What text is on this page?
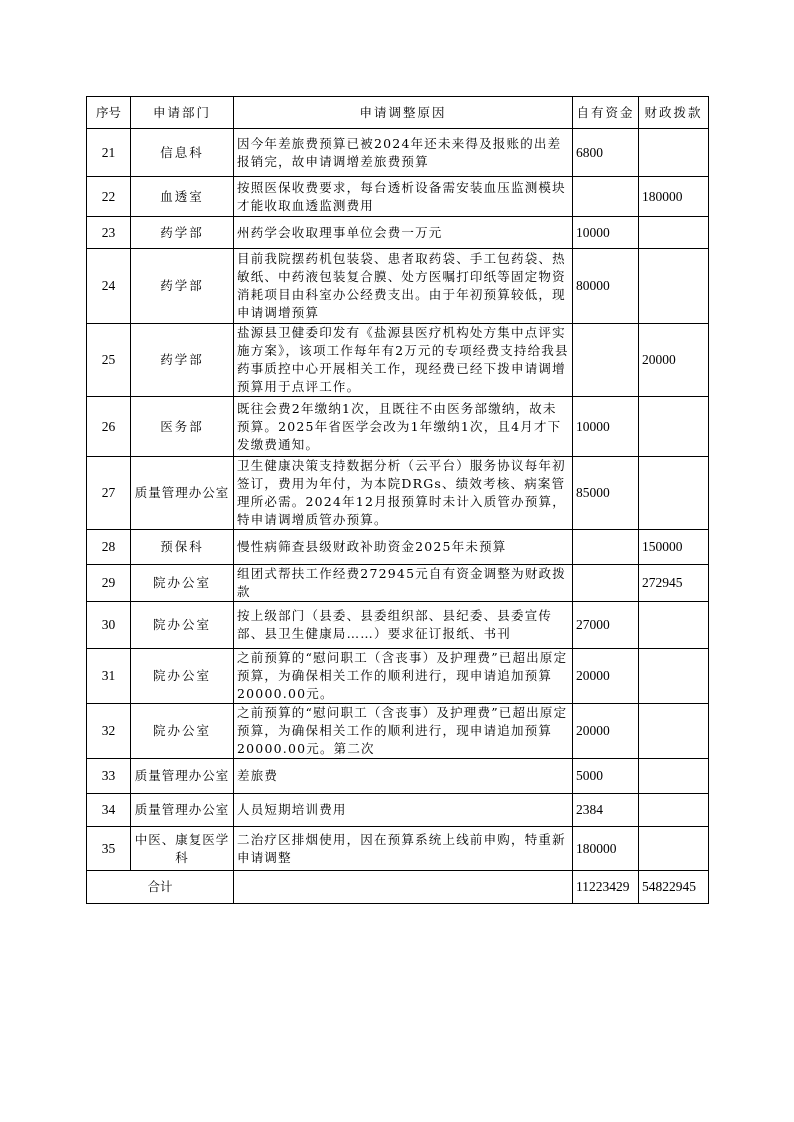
序号	申请部门	申请调整原因	自有资金	财政拨款
21	信息科	因今年差旅费预算已被2024年还未来得及报账的出差报销完，故申请调增差旅费预算	6800	
22	血透室	按照医保收费要求，每台透析设备需安装血压监测模块才能收取血透监测费用		180000
23	药学部	州药学会收取理事单位会费一万元	10000	
24	药学部	目前我院摆药机包装袋、患者取药袋、手工包药袋、热敏纸、中药液包装复合膜、处方医嘱打印纸等固定物资消耗项目由科室办公经费支出。由于年初预算较低，现申请调增预算	80000	
25	药学部	盐源县卫健委印发有《盐源县医疗机构处方集中点评实施方案》，该项工作每年有2万元的专项经费支持给我县药事质控中心开展相关工作，现经费已经下拨申请调增预算用于点评工作。		20000
26	医务部	既往会费2年缴纳1次，且既往不由医务部缴纳，故未预算。2025年省医学会改为1年缴纳1次，且4月才下发缴费通知。	10000	
27	质量管理办公室	卫生健康决策支持数据分析（云平台）服务协议每年初签订，费用为年付，为本院DRGs、绩效考核、病案管理所必需。2024年12月报预算时未计入质管办预算，特申请调增质管办预算。	85000	
28	预保科	慢性病筛查县级财政补助资金2025年未预算		150000
29	院办公室	组团式帮扶工作经费272945元自有资金调整为财政拨款		272945
30	院办公室	按上级部门（县委、县委组织部、县纪委、县委宣传部、县卫生健康局……）要求征订报纸、书刊	27000	
31	院办公室	之前预算的“慰问职工（含丧事）及护理费”已超出原定预算，为确保相关工作的顺利进行，现申请追加预算20000.00元。	20000	
32	院办公室	之前预算的“慰问职工（含丧事）及护理费”已超出原定预算，为确保相关工作的顺利进行，现申请追加预算20000.00元。第二次	20000	
33	质量管理办公室	差旅费	5000	
34	质量管理办公室	人员短期培训费用	2384	
35	中医、康复医学科	二治疗区排烟使用，因在预算系统上线前申购，特重新申请调整	180000	
合计			11223429	54822945
